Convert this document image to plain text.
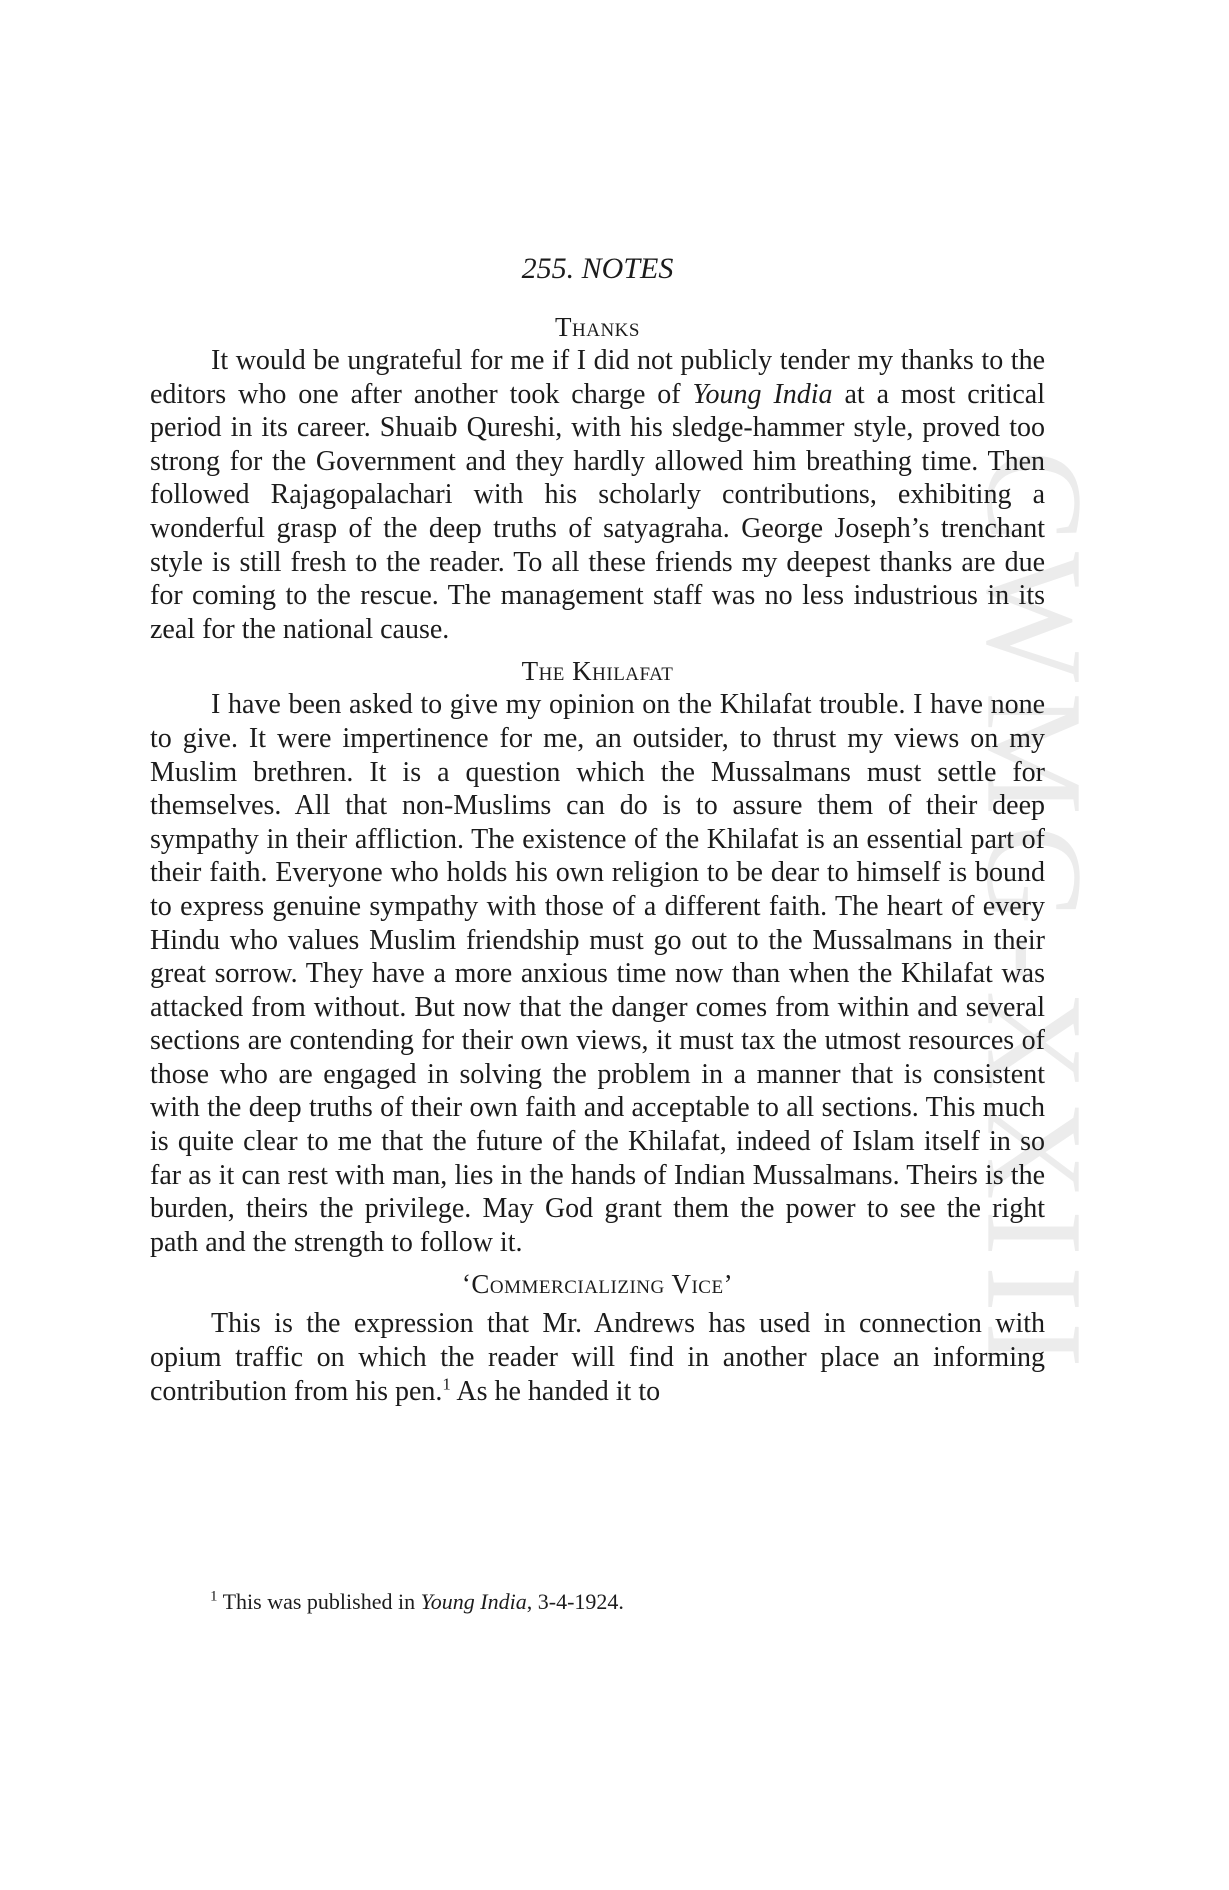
CWMG-XXIII
255. NOTES
Thanks

It would be ungrateful for me if I did not publicly tender my thanks to the editors who one after another took charge of Young India at a most critical period in its career. Shuaib Qureshi, with his sledge-hammer style, proved too strong for the Government and they hardly allowed him breathing time. Then followed Rajagopalachari with his scholarly contributions, exhibiting a wonderful grasp of the deep truths of satyagraha. George Joseph’s trenchant style is still fresh to the reader. To all these friends my deepest thanks are due for coming to the rescue. The management staff was no less industrious in its zeal for the national cause.

The Khilafat

I have been asked to give my opinion on the Khilafat trouble. I have none to give. It were impertinence for me, an outsider, to thrust my views on my Muslim brethren. It is a question which the Mussalmans must settle for themselves. All that non-Muslims can do is to assure them of their deep sympathy in their affliction. The existence of the Khilafat is an essential part of their faith. Everyone who holds his own religion to be dear to himself is bound to express genuine sympathy with those of a different faith. The heart of every Hindu who values Muslim friendship must go out to the Mussalmans in their great sorrow. They have a more anxious time now than when the Khilafat was attacked from without. But now that the danger comes from within and several sections are contending for their own views, it must tax the utmost resources of those who are engaged in solving the problem in a manner that is consistent with the deep truths of their own faith and acceptable to all sections. This much is quite clear to me that the future of the Khilafat, indeed of Islam itself in so far as it can rest with man, lies in the hands of Indian Mussalmans. Theirs is the burden, theirs the privilege. May God grant them the power to see the right path and the strength to follow it.

‘Commercializing Vice’

This is the expression that Mr. Andrews has used in connection with opium traffic on which the reader will find in another place an informing contribution from his pen.$^1$ As he handed it to

$^1$ This was published in Young India, 3-4-1924.
